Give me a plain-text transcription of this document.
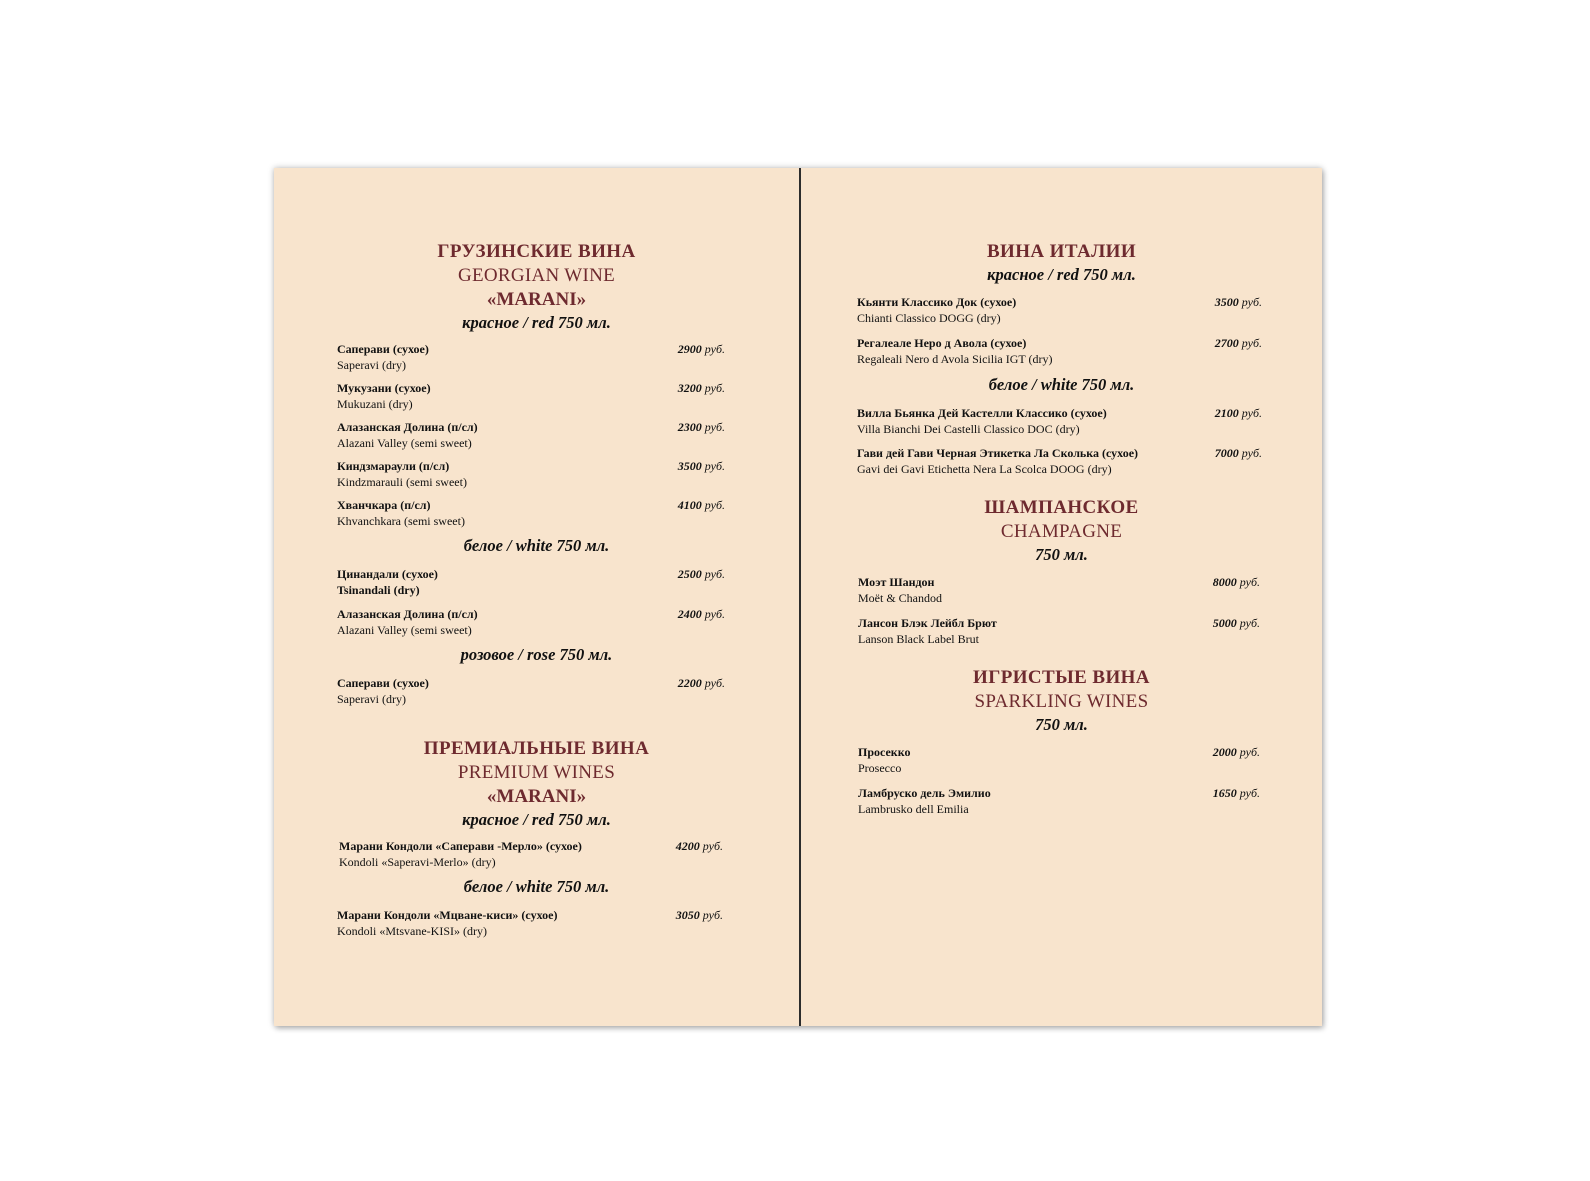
ГРУЗИНСКИЕ ВИНА
GEORGIAN WINE
«MARANI»
красное / red 750 мл.
Саперави (сухое)
Saperavi (dry)
2900 руб.
Мукузани (сухое)
Mukuzani (dry)
3200 руб.
Алазанская Долина (п/сл)
Alazani Valley (semi sweet)
2300 руб.
Киндзмараули (п/сл)
Kindzmarauli (semi sweet)
3500 руб.
Хванчкара (п/сл)
Khvanchkara (semi sweet)
4100 руб.
белое / white 750 мл.
Цинандали (сухое)
Tsinandali (dry)
2500 руб.
Алазанская Долина (п/сл)
Alazani Valley (semi sweet)
2400 руб.
розовое / rose 750 мл.
Саперави (сухое)
Saperavi (dry)
2200 руб.
ПРЕМИАЛЬНЫЕ ВИНА
PREMIUM WINES
«MARANI»
красное / red 750 мл.
Марани Кондоли «Саперави -Мерло» (сухое)
Kondoli «Saperavi-Merlo» (dry)
4200 руб.
белое / white 750 мл.
Марани Кондоли «Мцване-киси» (сухое)
Kondoli «Mtsvane-KISI» (dry)
3050 руб.
ВИНА ИТАЛИИ
красное / red 750 мл.
Кьянти Классико Док (сухое)
Chianti Classico DOGG (dry)
3500 руб.
Регалеале Неро д Авола (сухое)
Regaleali Nero d Avola Sicilia IGT (dry)
2700 руб.
белое / white 750 мл.
Вилла Бьянка Дей Кастелли Классико (сухое)
Villa Bianchi Dei Castelli Classico DOC (dry)
2100 руб.
Гави дей Гави Черная Этикетка Ла Сколька (сухое)
Gavi dei Gavi Etichetta Nera La Scolca DOOG (dry)
7000 руб.
ШАМПАНСКОЕ
CHAMPAGNE
750 мл.
Моэт Шандон
Moёt & Chandod
8000 руб.
Лансон Блэк Лейбл Брют
Lanson Black Label Brut
5000 руб.
ИГРИСТЫЕ ВИНА
SPARKLING WINES
750 мл.
Просекко
Prosecco
2000 руб.
Ламбруско дель Эмилио
Lambrusko dell Emilia
1650 руб.
